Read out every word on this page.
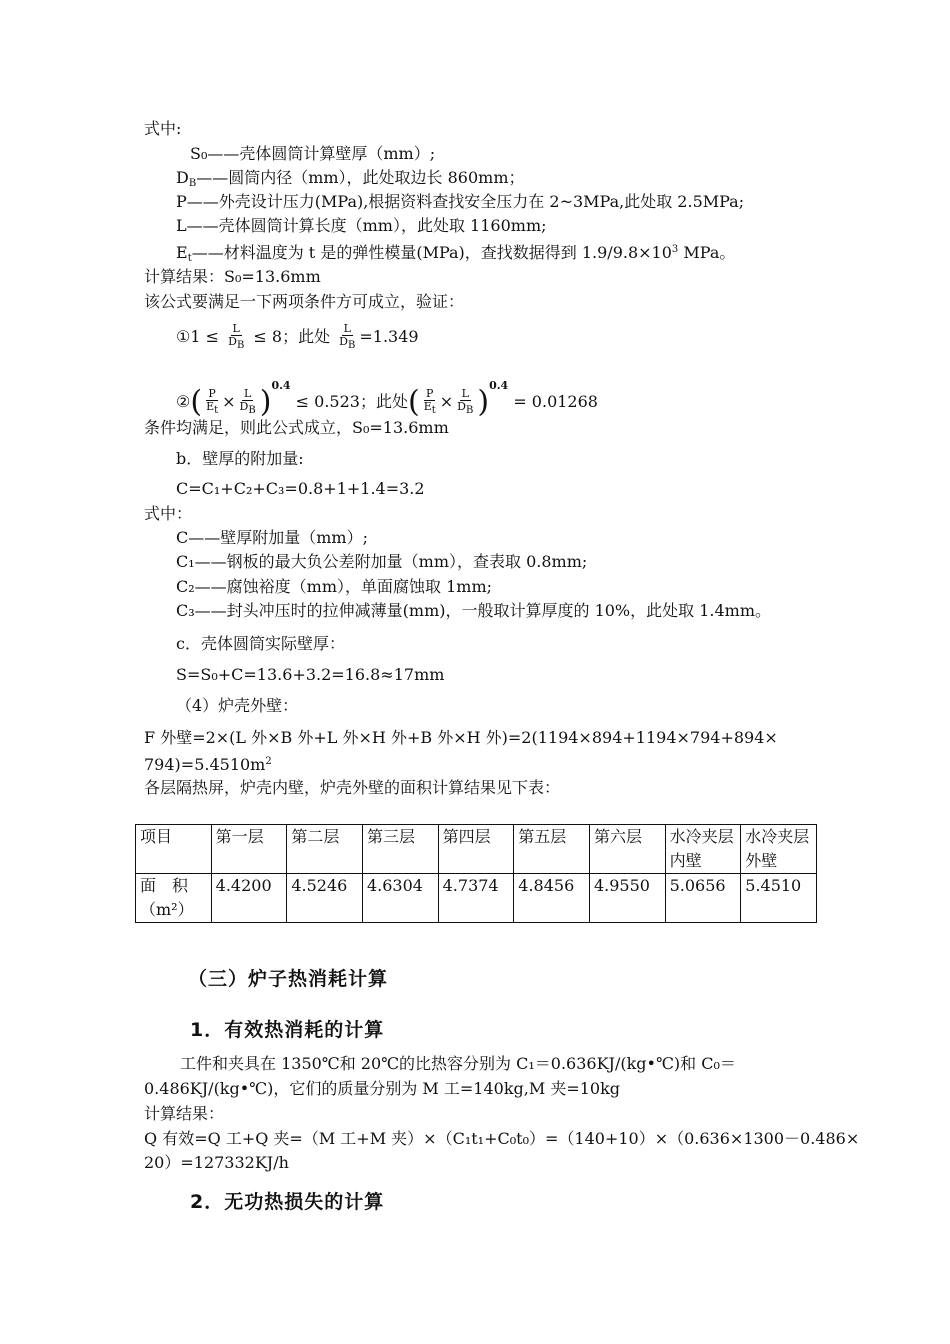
式中:
S₀——壳体圆筒计算壁厚（mm）;
$D_B——$圆筒内径（mm），此处取边长 860mm；
P——外壳设计压力(MPa),根据资料查找安全压力在 2~3MPa,此处取 2.5MPa;
L——壳体圆筒计算长度（mm），此处取 1160mm;
$E_t——$材料温度为 t 是的弹性模量(MPa)，查找数据得到 $1.9/9.8\times 10^3$ MPa。
计算结果：S₀=13.6mm
该公式要满足一下两项条件方可成立，验证：
①1 ≤ $\frac{L}{D_B} \le 8$；此处 $\frac{L}{D_B} =1.349$
②( $\frac{P}{E_t} \times \frac{L}{D_B} )^{0.4} \le 0.523$；此处( $\frac{P}{E_t} \times \frac{L}{D_B} )^{0.4} = 0.01268$
条件均满足，则此公式成立，S₀=13.6mm
b．壁厚的附加量:
C=C₁+C₂+C₃=0.8+1+1.4=3.2
式中：
C——壁厚附加量（mm）;
C₁——钢板的最大负公差附加量（mm），查表取 0.8mm;
C₂——腐蚀裕度（mm），单面腐蚀取 1mm;
C₃——封头冲压时的拉伸减薄量(mm)，一般取计算厚度的 10%，此处取 1.4mm。
c．壳体圆筒实际壁厚：
S=S₀+C=13.6+3.2=16.8≈17mm
（4）炉壳外壁：
F 外壁=2×(L 外×B 外+L 外×H 外+B 外×H 外)=2(1194×894+1194×794+894×
$794)=5.4510m^2$
各层隔热屏，炉壳内壁，炉壳外壁的面积计算结果见下表：
项目	第一层	第二层	第三层	第四层	第五层	第六层	水冷夹层内壁	水冷夹层外壁
面　积（m²）	4.4200	4.5246	4.6304	4.7374	4.8456	4.9550	5.0656	5.4510
（三）炉子热消耗计算
1．有效热消耗的计算
工件和夹具在 1350℃和 20℃的比热容分别为 C₁＝0.636KJ/(kg•℃)和 C₀＝
0.486KJ/(kg•℃)，它们的质量分别为 M 工=140kg,M 夹=10kg
计算结果：
Q 有效=Q 工+Q 夹=（M 工+M 夹）×（C₁t₁+C₀t₀）=（140+10）×（0.636×1300－0.486×
20）=127332KJ/h
2．无功热损失的计算
